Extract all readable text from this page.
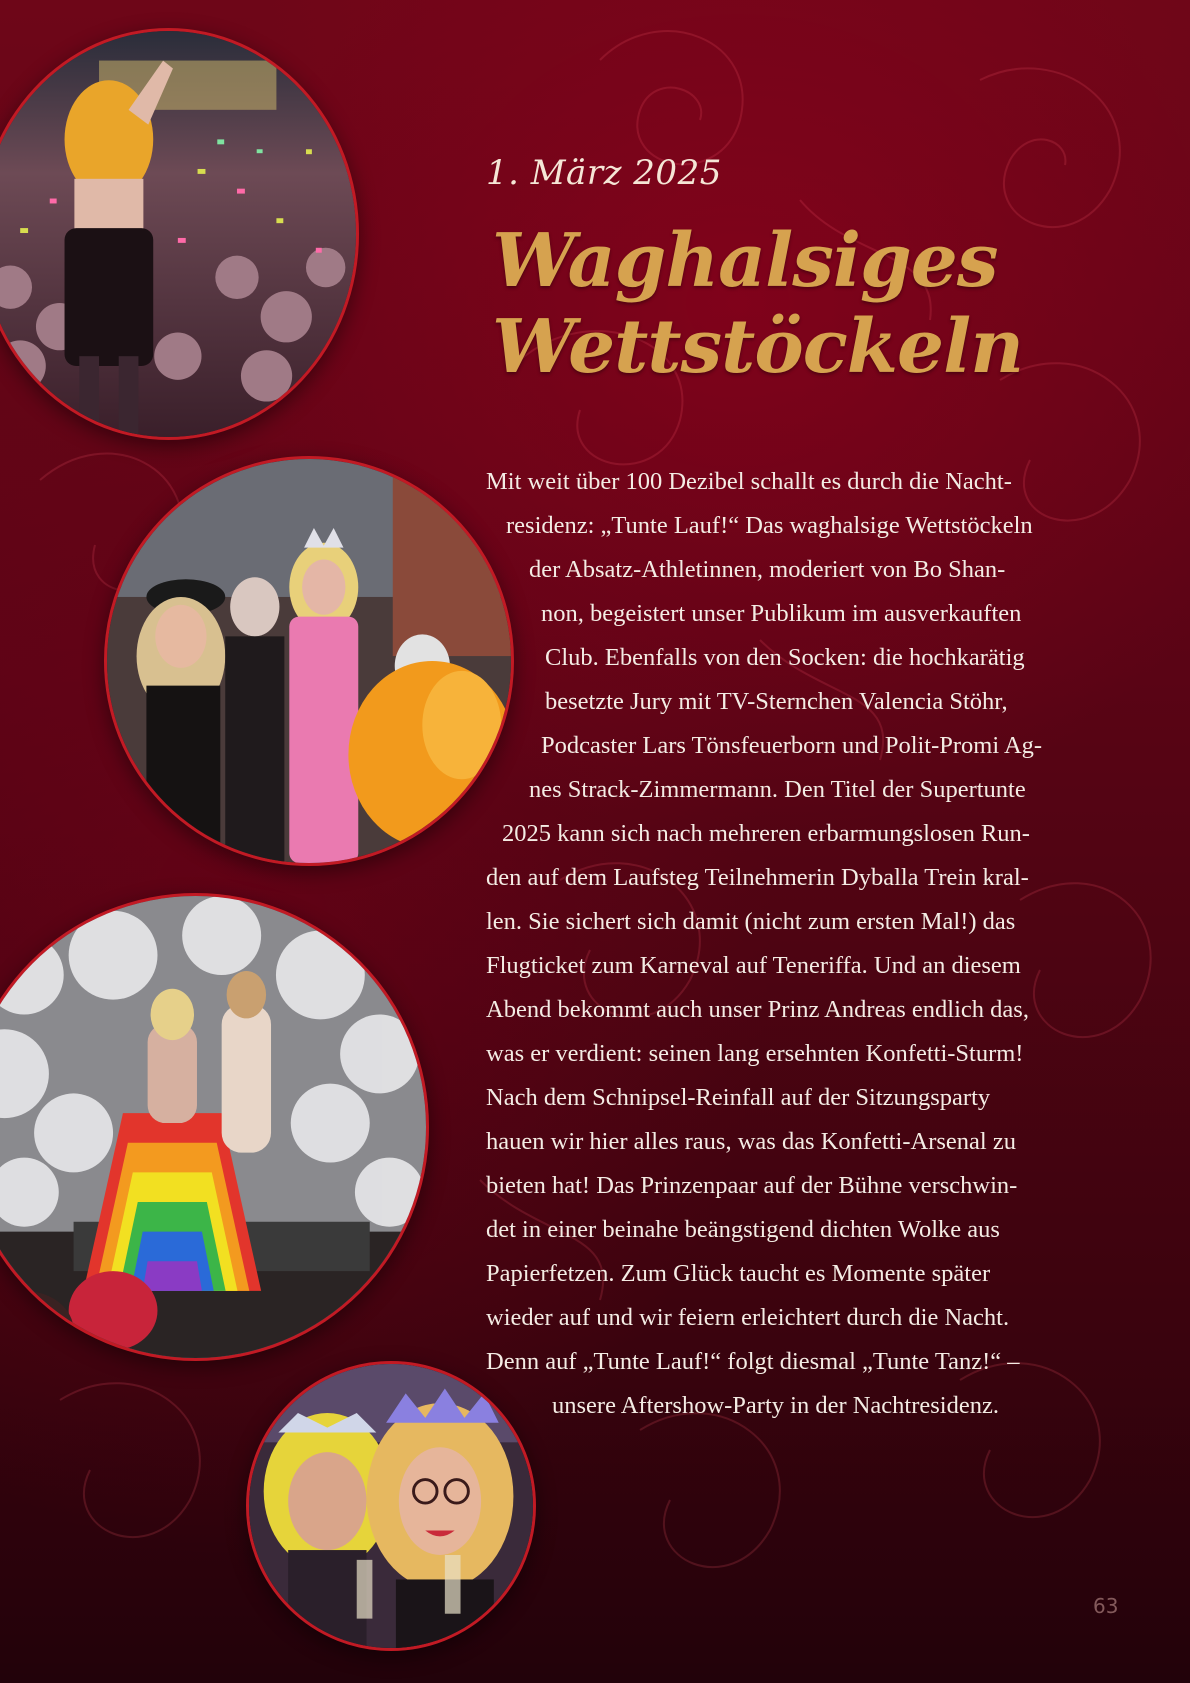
1. März 2025
Waghalsiges
Wettstöckeln
Mit weit über 100 Dezibel schallt es durch die Nacht-
residenz: „Tunte Lauf!“ Das waghalsige Wettstöckeln
der Absatz-Athletinnen, moderiert von Bo Shan-
non, begeistert unser Publikum im ausverkauften
Club. Ebenfalls von den Socken: die hochkarätig
besetzte Jury mit TV-Sternchen Valencia Stöhr,
Podcaster Lars Tönsfeuerborn und Polit-Promi Ag-
nes Strack-Zimmermann. Den Titel der Supertunte
2025 kann sich nach mehreren erbarmungslosen Run-
den auf dem Laufsteg Teilnehmerin Dyballa Trein kral-
len. Sie sichert sich damit (nicht zum ersten Mal!) das
Flugticket zum Karneval auf Teneriffa. Und an diesem
Abend bekommt auch unser Prinz Andreas endlich das,
was er verdient: seinen lang ersehnten Konfetti-Sturm!
Nach dem Schnipsel-Reinfall auf der Sitzungsparty
hauen wir hier alles raus, was das Konfetti-Arsenal zu
bieten hat! Das Prinzenpaar auf der Bühne verschwin-
det in einer beinahe beängstigend dichten Wolke aus
Papierfetzen. Zum Glück taucht es Momente später
wieder auf und wir feiern erleichtert durch die Nacht.
Denn auf „Tunte Lauf!“ folgt diesmal „Tunte Tanz!“ –
unsere Aftershow-Party in der Nachtresidenz.
63
